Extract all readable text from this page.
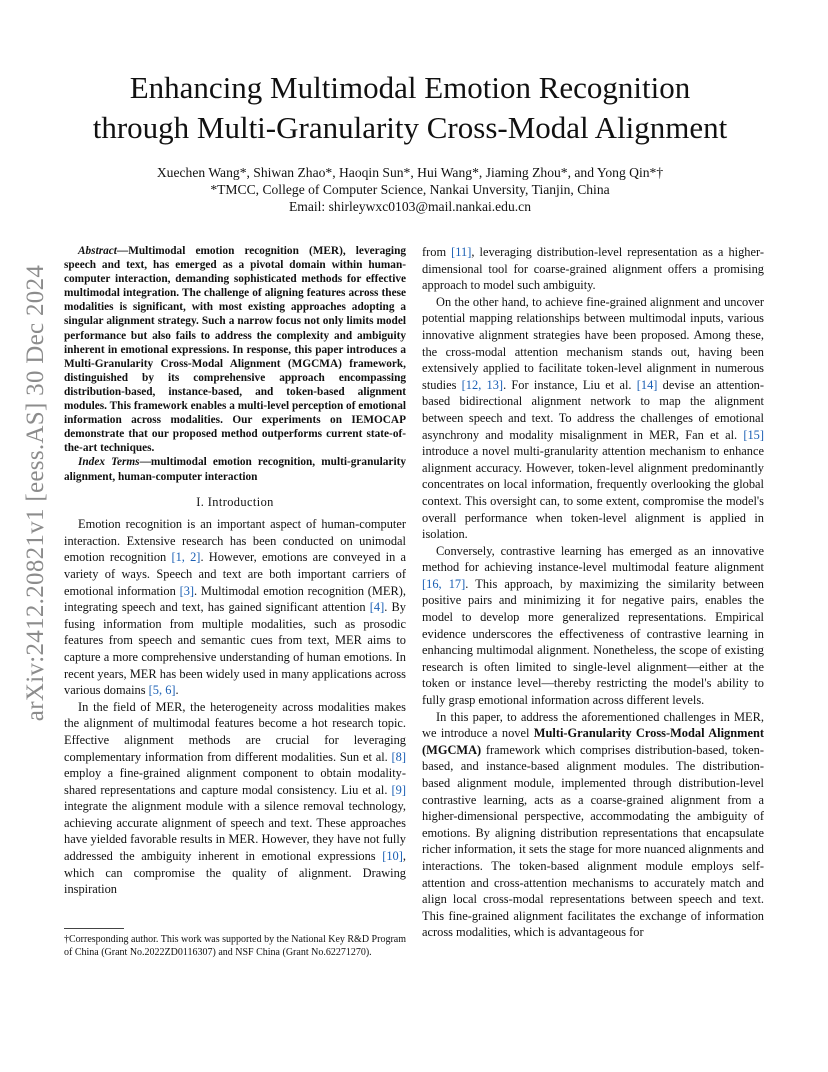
arXiv:2412.20821v1 [eess.AS] 30 Dec 2024
Enhancing Multimodal Emotion Recognition
through Multi-Granularity Cross-Modal Alignment
Xuechen Wang*, Shiwan Zhao*, Haoqin Sun*, Hui Wang*, Jiaming Zhou*, and Yong Qin*†
*TMCC, College of Computer Science, Nankai Unversity, Tianjin, China
Email: shirleywxc0103@mail.nankai.edu.cn

Abstract—Multimodal emotion recognition (MER), leveraging speech and text, has emerged as a pivotal domain within human-computer interaction, demanding sophisticated methods for effective multimodal integration. The challenge of aligning features across these modalities is significant, with most existing approaches adopting a singular alignment strategy. Such a narrow focus not only limits model performance but also fails to address the complexity and ambiguity inherent in emotional expressions. In response, this paper introduces a Multi-Granularity Cross-Modal Alignment (MGCMA) framework, distinguished by its comprehensive approach encompassing distribution-based, instance-based, and token-based alignment modules. This framework enables a multi-level perception of emotional information across modalities. Our experiments on IEMOCAP demonstrate that our proposed method outperforms current state-of-the-art techniques.

Index Terms—multimodal emotion recognition, multi-granularity alignment, human-computer interaction

I. Introduction

Emotion recognition is an important aspect of human-computer interaction. Extensive research has been conducted on unimodal emotion recognition [1, 2]. However, emotions are conveyed in a variety of ways. Speech and text are both important carriers of emotional information [3]. Multimodal emotion recognition (MER), integrating speech and text, has gained significant attention [4]. By fusing information from multiple modalities, such as prosodic features from speech and semantic cues from text, MER aims to capture a more comprehensive understanding of human emotions. In recent years, MER has been widely used in many applications across various domains [5, 6].

In the field of MER, the heterogeneity across modalities makes the alignment of multimodal features become a hot research topic. Effective alignment methods are crucial for leveraging complementary information from different modalities. Sun et al. [8] employ a fine-grained alignment component to obtain modality-shared representations and capture modal consistency. Liu et al. [9] integrate the alignment module with a silence removal technology, achieving accurate alignment of speech and text. These approaches have yielded favorable results in MER. However, they have not fully addressed the ambiguity inherent in emotional expressions [10], which can compromise the quality of alignment. Drawing inspiration

†Corresponding author. This work was supported by the National Key R&D Program of China (Grant No.2022ZD0116307) and NSF China (Grant No.62271270).

from [11], leveraging distribution-level representation as a higher-dimensional tool for coarse-grained alignment offers a promising approach to model such ambiguity.

On the other hand, to achieve fine-grained alignment and uncover potential mapping relationships between multimodal inputs, various innovative alignment strategies have been proposed. Among these, the cross-modal attention mechanism stands out, having been extensively applied to facilitate token-level alignment in numerous studies [12, 13]. For instance, Liu et al. [14] devise an attention-based bidirectional alignment network to map the alignment between speech and text. To address the challenges of emotional asynchrony and modality misalignment in MER, Fan et al. [15] introduce a novel multi-granularity attention mechanism to enhance alignment accuracy. However, token-level alignment predominantly concentrates on local information, frequently overlooking the global context. This oversight can, to some extent, compromise the model's overall performance when token-level alignment is applied in isolation.

Conversely, contrastive learning has emerged as an innovative method for achieving instance-level multimodal feature alignment [16, 17]. This approach, by maximizing the similarity between positive pairs and minimizing it for negative pairs, enables the model to develop more generalized representations. Empirical evidence underscores the effectiveness of contrastive learning in enhancing multimodal alignment. Nonetheless, the scope of existing research is often limited to single-level alignment—either at the token or instance level—thereby restricting the model's ability to fully grasp emotional information across different levels.

In this paper, to address the aforementioned challenges in MER, we introduce a novel Multi-Granularity Cross-Modal Alignment (MGCMA) framework which comprises distribution-based, token-based, and instance-based alignment modules. The distribution-based alignment module, implemented through distribution-level contrastive learning, acts as a coarse-grained alignment from a higher-dimensional perspective, accommodating the ambiguity of emotions. By aligning distribution representations that encapsulate richer information, it sets the stage for more nuanced alignments and interactions. The token-based alignment module employs self-attention and cross-attention mechanisms to accurately match and align local cross-modal representations between speech and text. This fine-grained alignment facilitates the exchange of information across modalities, which is advantageous for
